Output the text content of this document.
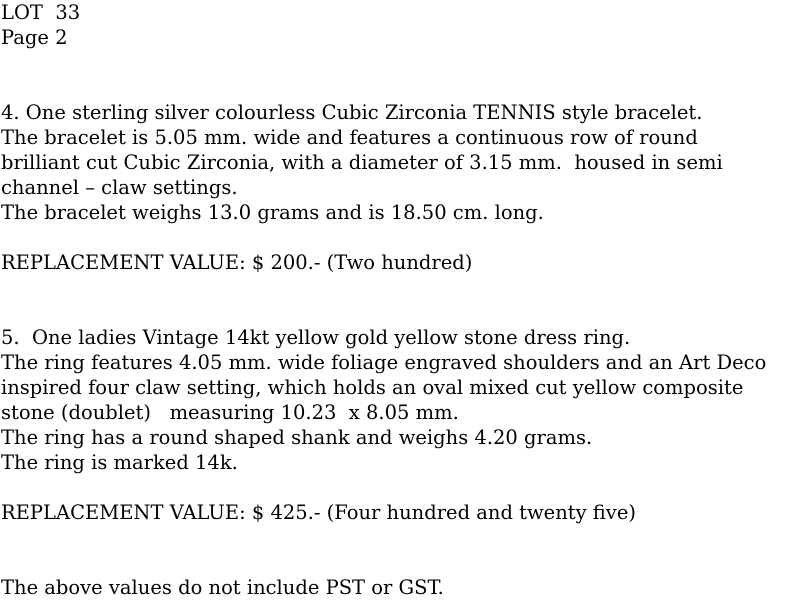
LOT  33

Page 2

4. One sterling silver colourless Cubic Zirconia TENNIS style bracelet.

The bracelet is 5.05 mm. wide and features a continuous row of round

brilliant cut Cubic Zirconia, with a diameter of 3.15 mm.  housed in semi

channel – claw settings.

The bracelet weighs 13.0 grams and is 18.50 cm. long.

REPLACEMENT VALUE: $ 200.- (Two hundred)

5.  One ladies Vintage 14kt yellow gold yellow stone dress ring.

The ring features 4.05 mm. wide foliage engraved shoulders and an Art Deco

inspired four claw setting, which holds an oval mixed cut yellow composite

stone (doublet)   measuring 10.23  x 8.05 mm.

The ring has a round shaped shank and weighs 4.20 grams.

The ring is marked 14k.

REPLACEMENT VALUE: $ 425.- (Four hundred and twenty five)

The above values do not include PST or GST.
